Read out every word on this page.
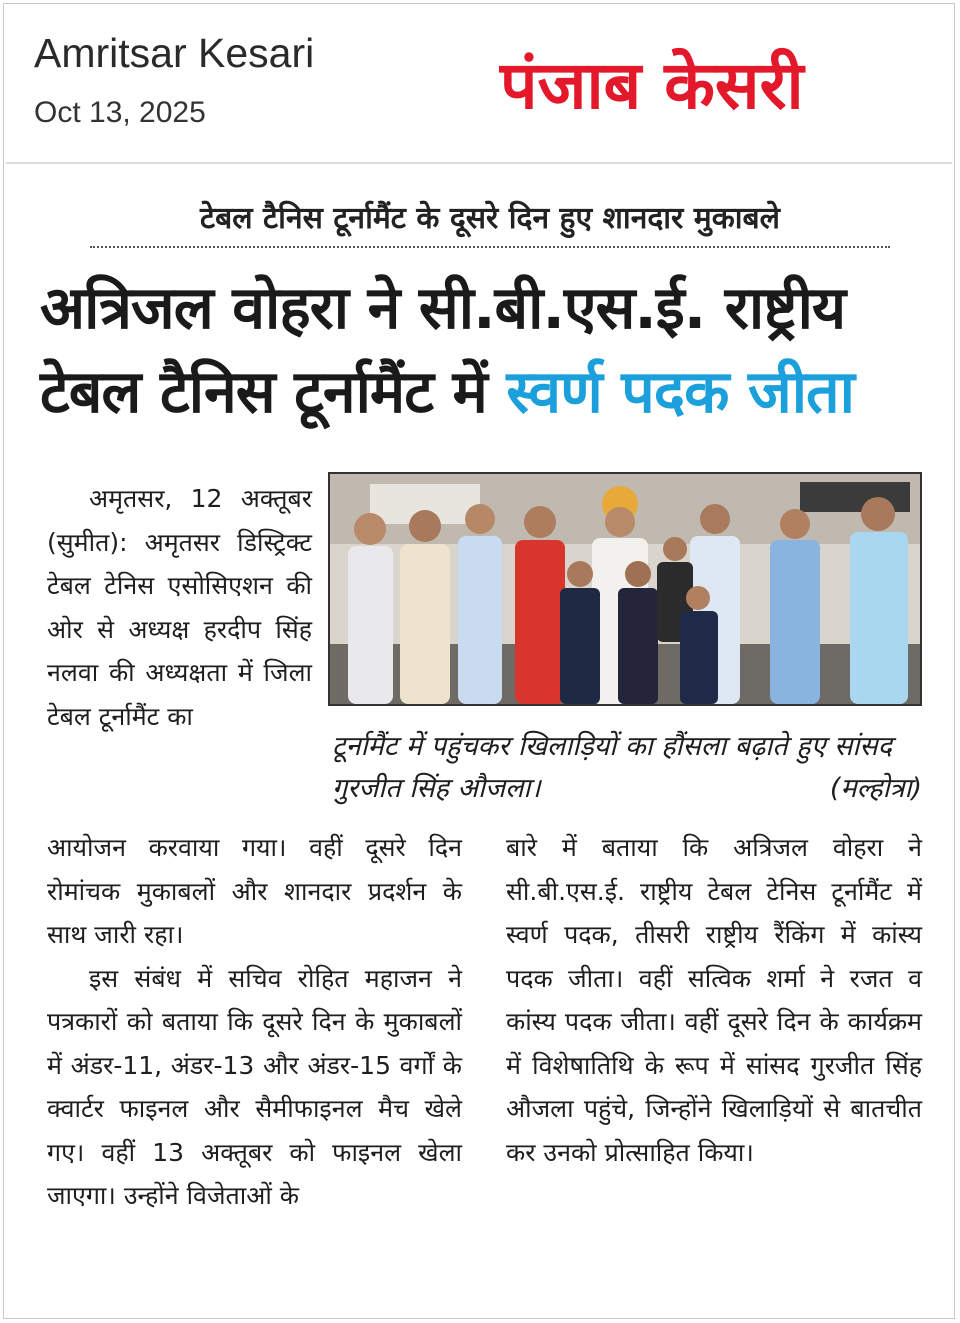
Amritsar Kesari
Oct 13, 2025	पंजाब केसरी
टेबल टैनिस टूर्नामैंट के दूसरे दिन हुए शानदार मुकाबले
अत्रिजल वोहरा ने सी.बी.एस.ई. राष्ट्रीय
टेबल टैनिस टूर्नामैंट में स्वर्ण पदक जीता

अमृतसर, 12 अक्तूबर (सुमीत): अमृतसर डिस्ट्रिक्ट टेबल टेनिस एसोसिएशन की ओर से अध्यक्ष हरदीप सिंह नलवा की अध्यक्षता में जिला टेबल टूर्नामैंट का

टूर्नामैंट में पहुंचकर खिलाड़ियों का हौंसला बढ़ाते हुए सांसद गुरजीत सिंह औजला।	(मल्होत्रा)

आयोजन करवाया गया। वहीं दूसरे दिन रोमांचक मुकाबलों और शानदार प्रदर्शन के साथ जारी रहा।

इस संबंध में सचिव रोहित महाजन ने पत्रकारों को बताया कि दूसरे दिन के मुकाबलों में अंडर-11, अंडर-13 और अंडर-15 वर्गों के क्वार्टर फाइनल और सैमीफाइनल मैच खेले गए। वहीं 13 अक्तूबर को फाइनल खेला जाएगा। उन्होंने विजेताओं के

बारे में बताया कि अत्रिजल वोहरा ने सी.बी.एस.ई. राष्ट्रीय टेबल टेनिस टूर्नामैंट में स्वर्ण पदक, तीसरी राष्ट्रीय रैंकिंग में कांस्य पदक जीता। वहीं सत्विक शर्मा ने रजत व कांस्य पदक जीता। वहीं दूसरे दिन के कार्यक्रम में विशेषातिथि के रूप में सांसद गुरजीत सिंह औजला पहुंचे, जिन्होंने खिलाड़ियों से बातचीत कर उनको प्रोत्साहित किया।
